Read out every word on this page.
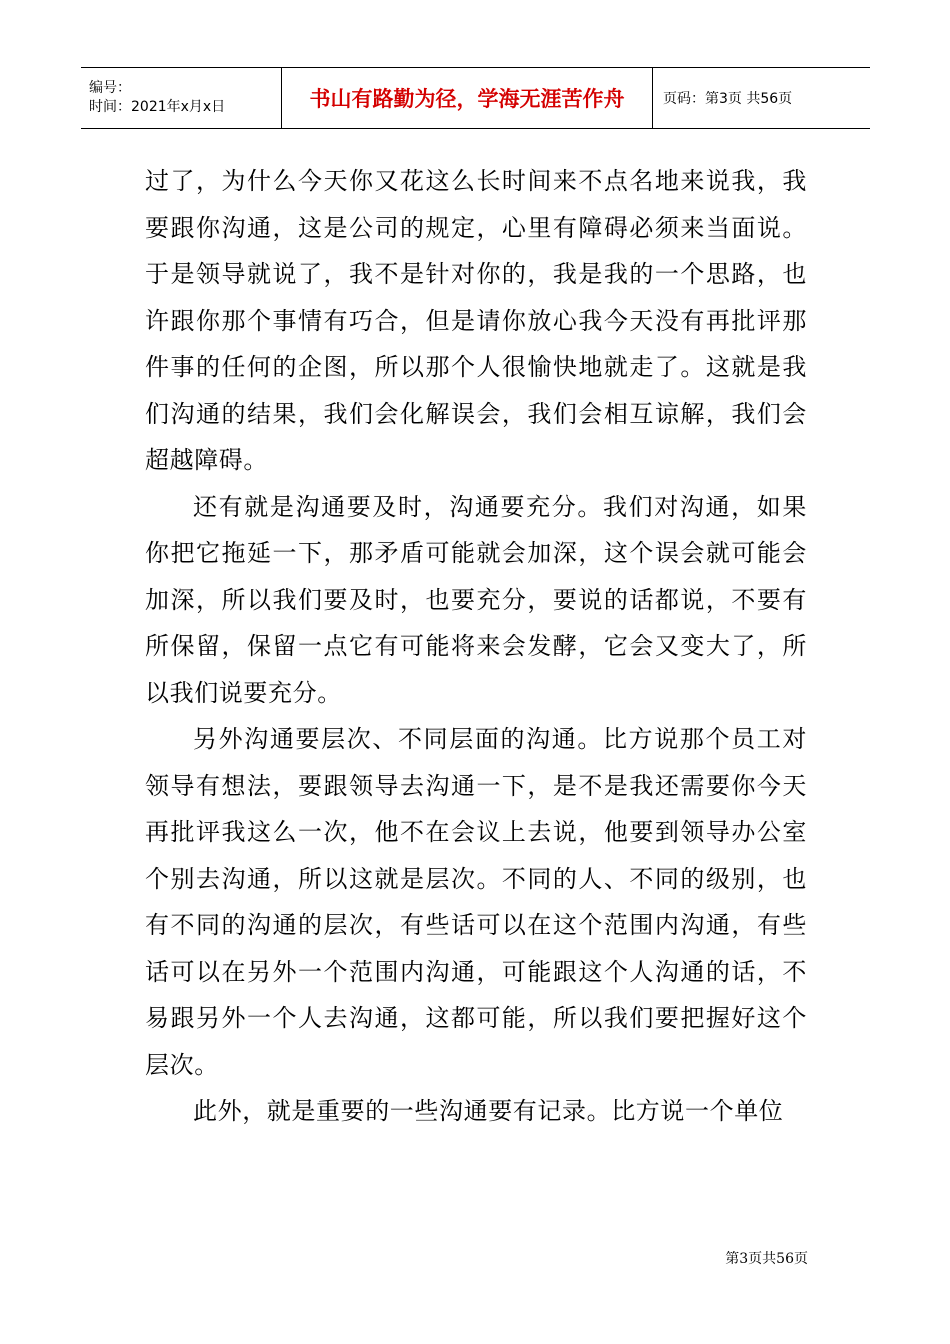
编号：
时间：2021年x月x日	书山有路勤为径，学海无涯苦作舟	页码：第3页 共56页

过了，为什么今天你又花这么长时间来不点名地来说我，我要跟你沟通，这是公司的规定，心里有障碍必须来当面说。于是领导就说了，我不是针对你的，我是我的一个思路，也许跟你那个事情有巧合，但是请你放心我今天没有再批评那件事的任何的企图，所以那个人很愉快地就走了。这就是我们沟通的结果，我们会化解误会，我们会相互谅解，我们会超越障碍。

还有就是沟通要及时，沟通要充分。我们对沟通，如果你把它拖延一下，那矛盾可能就会加深，这个误会就可能会加深，所以我们要及时，也要充分，要说的话都说，不要有所保留，保留一点它有可能将来会发酵，它会又变大了，所以我们说要充分。

另外沟通要层次、不同层面的沟通。比方说那个员工对领导有想法，要跟领导去沟通一下，是不是我还需要你今天再批评我这么一次，他不在会议上去说，他要到领导办公室个别去沟通，所以这就是层次。不同的人、不同的级别，也有不同的沟通的层次，有些话可以在这个范围内沟通，有些话可以在另外一个范围内沟通，可能跟这个人沟通的话，不易跟另外一个人去沟通，这都可能，所以我们要把握好这个层次。

此外，就是重要的一些沟通要有记录。比方说一个单位

第3页共56页
